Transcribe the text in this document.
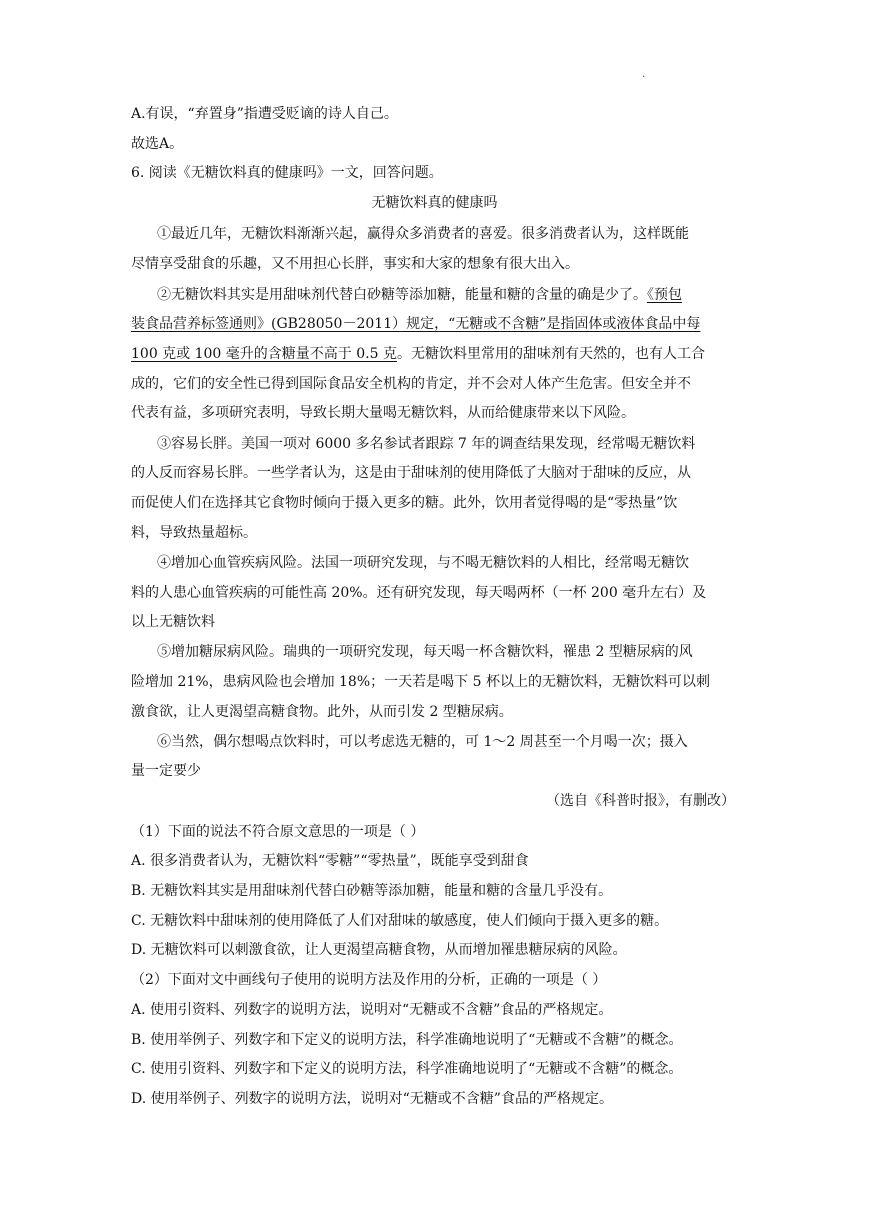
·
A.有误，“弃置身”指遭受贬谪的诗人自己。
故选A。
6. 阅读《无糖饮料真的健康吗》一文，回答问题。
无糖饮料真的健康吗
①最近几年，无糖饮料渐渐兴起，赢得众多消费者的喜爱。很多消费者认为，这样既能
尽情享受甜食的乐趣，又不用担心长胖，事实和大家的想象有很大出入。
②无糖饮料其实是用甜味剂代替白砂糖等添加糖，能量和糖的含量的确是少了。《预包
装食品营养标签通则》(GB28050－2011）规定，“无糖或不含糖”是指固体或液体食品中每
100 克或 100 毫升的含糖量不高于 0.5 克。无糖饮料里常用的甜味剂有天然的，也有人工合
成的，它们的安全性已得到国际食品安全机构的肯定，并不会对人体产生危害。但安全并不
代表有益，多项研究表明，导致长期大量喝无糖饮料，从而给健康带来以下风险。
③容易长胖。美国一项对 6000 多名参试者跟踪 7 年的调查结果发现，经常喝无糖饮料
的人反而容易长胖。一些学者认为，这是由于甜味剂的使用降低了大脑对于甜味的反应，从
而促使人们在选择其它食物时倾向于摄入更多的糖。此外，饮用者觉得喝的是“零热量”饮
料，导致热量超标。
④增加心血管疾病风险。法国一项研究发现，与不喝无糖饮料的人相比，经常喝无糖饮
料的人患心血管疾病的可能性高 20%。还有研究发现，每天喝两杯（一杯 200 毫升左右）及
以上无糖饮料
⑤增加糖尿病风险。瑞典的一项研究发现，每天喝一杯含糖饮料，罹患 2 型糖尿病的风
险增加 21%，患病风险也会增加 18%；一天若是喝下 5 杯以上的无糖饮料，无糖饮料可以刺
激食欲，让人更渴望高糖食物。此外，从而引发 2 型糖尿病。
⑥当然，偶尔想喝点饮料时，可以考虑选无糖的，可 1～2 周甚至一个月喝一次；摄入
量一定要少
（选自《科普时报》，有删改）
（1）下面的说法不符合原文意思的一项是（ ）
A. 很多消费者认为，无糖饮料“零糖”“零热量”，既能享受到甜食
B. 无糖饮料其实是用甜味剂代替白砂糖等添加糖，能量和糖的含量几乎没有。
C. 无糖饮料中甜味剂的使用降低了人们对甜味的敏感度，使人们倾向于摄入更多的糖。
D. 无糖饮料可以刺激食欲，让人更渴望高糖食物，从而增加罹患糖尿病的风险。
（2）下面对文中画线句子使用的说明方法及作用的分析，正确的一项是（ ）
A. 使用引资料、列数字的说明方法，说明对“无糖或不含糖”食品的严格规定。
B. 使用举例子、列数字和下定义的说明方法，科学准确地说明了“无糖或不含糖”的概念。
C. 使用引资料、列数字和下定义的说明方法，科学准确地说明了“无糖或不含糖”的概念。
D. 使用举例子、列数字的说明方法，说明对“无糖或不含糖”食品的严格规定。
